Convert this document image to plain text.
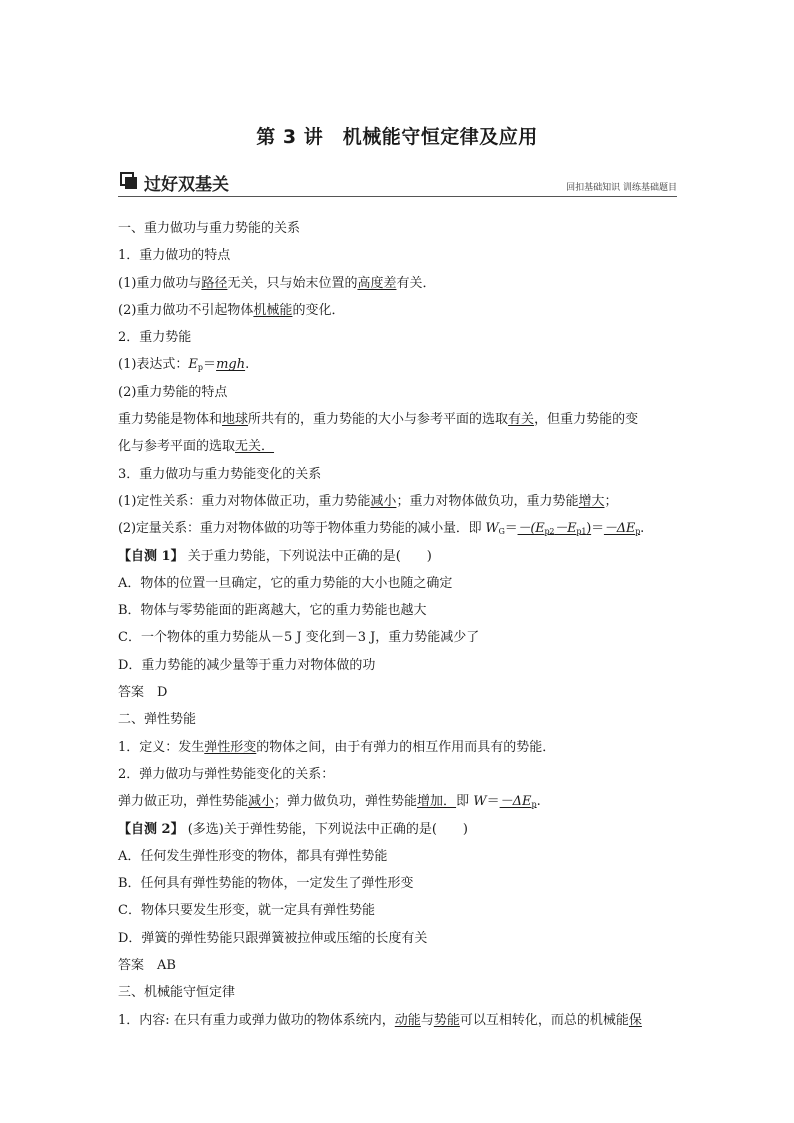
第 3 讲　机械能守恒定律及应用
过好双基关	回扣基础知识 训练基础题目
一、重力做功与重力势能的关系
1．重力做功的特点
(1)重力做功与路径无关，只与始末位置的高度差有关．
(2)重力做功不引起物体机械能的变化．
2．重力势能
(1)表达式：$E_p=mgh$.
(2)重力势能的特点
重力势能是物体和地球所共有的，重力势能的大小与参考平面的选取有关，但重力势能的变
化与参考平面的选取无关．
3．重力做功与重力势能变化的关系
(1)定性关系：重力对物体做正功，重力势能减小；重力对物体做负功，重力势能增大；
(2)定量关系：重力对物体做的功等于物体重力势能的减小量．即 $W_G=-(E_{p2}-E_{p1})=-\Delta E_p$.
【自测 1】 关于重力势能，下列说法中正确的是(　　)
A．物体的位置一旦确定，它的重力势能的大小也随之确定
B．物体与零势能面的距离越大，它的重力势能也越大
C．一个物体的重力势能从－5 J 变化到－3 J，重力势能减少了
D．重力势能的减少量等于重力对物体做的功
答案　D
二、弹性势能
1．定义：发生弹性形变的物体之间，由于有弹力的相互作用而具有的势能．
2．弹力做功与弹性势能变化的关系：
弹力做正功，弹性势能减小；弹力做负功，弹性势能增加．即 $W=-\Delta E_p$.
【自测 2】 (多选)关于弹性势能，下列说法中正确的是(　　)
A．任何发生弹性形变的物体，都具有弹性势能
B．任何具有弹性势能的物体，一定发生了弹性形变
C．物体只要发生形变，就一定具有弹性势能
D．弹簧的弹性势能只跟弹簧被拉伸或压缩的长度有关
答案　AB
三、机械能守恒定律
1．内容: 在只有重力或弹力做功的物体系统内，动能与势能可以互相转化，而总的机械能保
